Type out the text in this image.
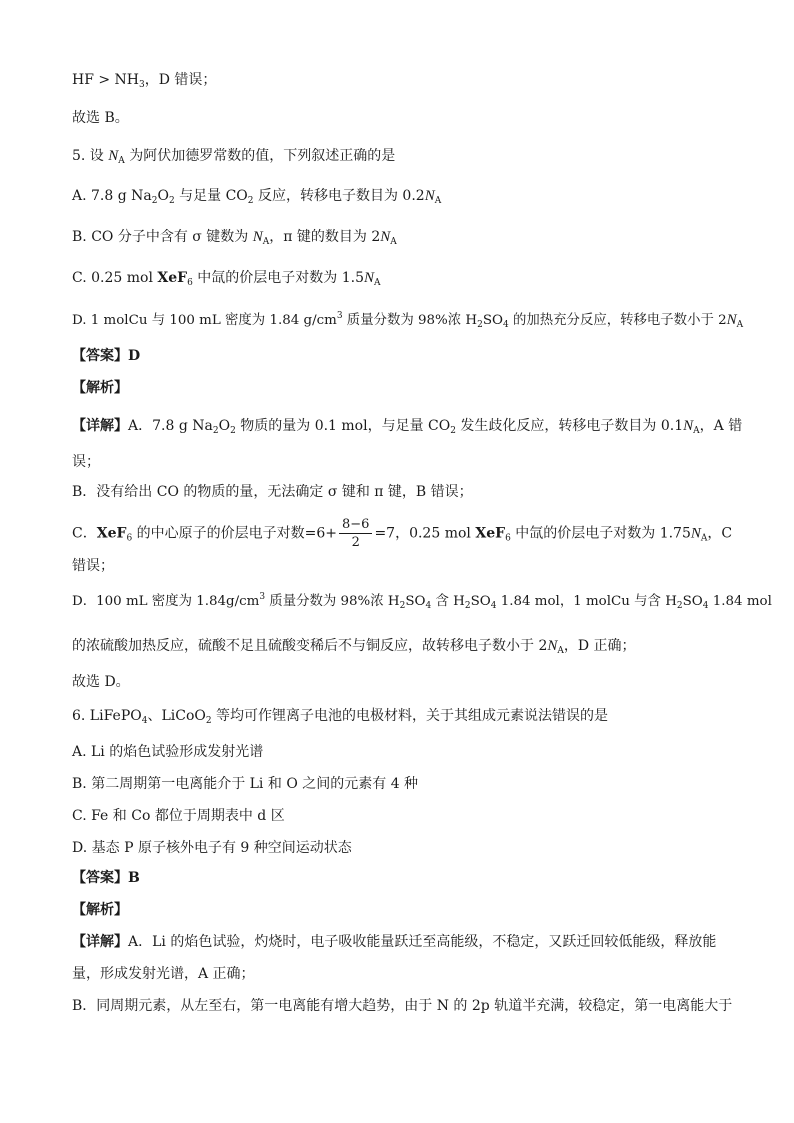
HF > $NH_3$，D 错误；
故选 B。
5. 设 $N_A$ 为阿伏加德罗常数的值，下列叙述正确的是
A. 7.8 g $Na_2O_2$ 与足量 $CO_2$ 反应，转移电子数目为 $0.2N_A$
B. CO 分子中含有 σ 键数为 $N_A$，π 键的数目为 $2N_A$
C. 0.25 mol XeF$_6$ 中氙的价层电子对数为 $1.5N_A$
D. 1 molCu 与 100 mL 密度为 1.84 $g/cm^3$ 质量分数为 98%浓 $H_2SO_4$ 的加热充分反应，转移电子数小于 $2N_A$
【答案】D
【解析】
【详解】A．7.8 g $Na_2O_2$ 物质的量为 0.1 mol，与足量 $CO_2$ 发生歧化反应，转移电子数目为 $0.1N_A$，A 错
误；
B．没有给出 CO 的物质的量，无法确定 σ 键和 π 键，B 错误；
C．XeF$_6$ 的中心原子的价层电子对数$=6+ \frac{8-6}{2} =7$，0.25 mol XeF$_6$ 中氙的价层电子对数为 $1.75N_A$，C
错误；
D．100 mL 密度为 $1.84g/cm^3$ 质量分数为 98%浓 $H_2SO_4$ 含 $H_2SO_4$ 1.84 mol，1 molCu 与含 $H_2SO_4$ 1.84 mol
的浓硫酸加热反应，硫酸不足且硫酸变稀后不与铜反应，故转移电子数小于 $2N_A$，D 正确；
故选 D。
6. LiFePO$_4$、LiCoO$_2$ 等均可作锂离子电池的电极材料，关于其组成元素说法错误的是
A. Li 的焰色试验形成发射光谱
B. 第二周期第一电离能介于 Li 和 O 之间的元素有 4 种
C. Fe 和 Co 都位于周期表中 d 区
D. 基态 P 原子核外电子有 9 种空间运动状态
【答案】B
【解析】
【详解】A．Li 的焰色试验，灼烧时，电子吸收能量跃迁至高能级，不稳定，又跃迁回较低能级，释放能
量，形成发射光谱，A 正确；
B．同周期元素，从左至右，第一电离能有增大趋势，由于 N 的 2p 轨道半充满，较稳定，第一电离能大于
